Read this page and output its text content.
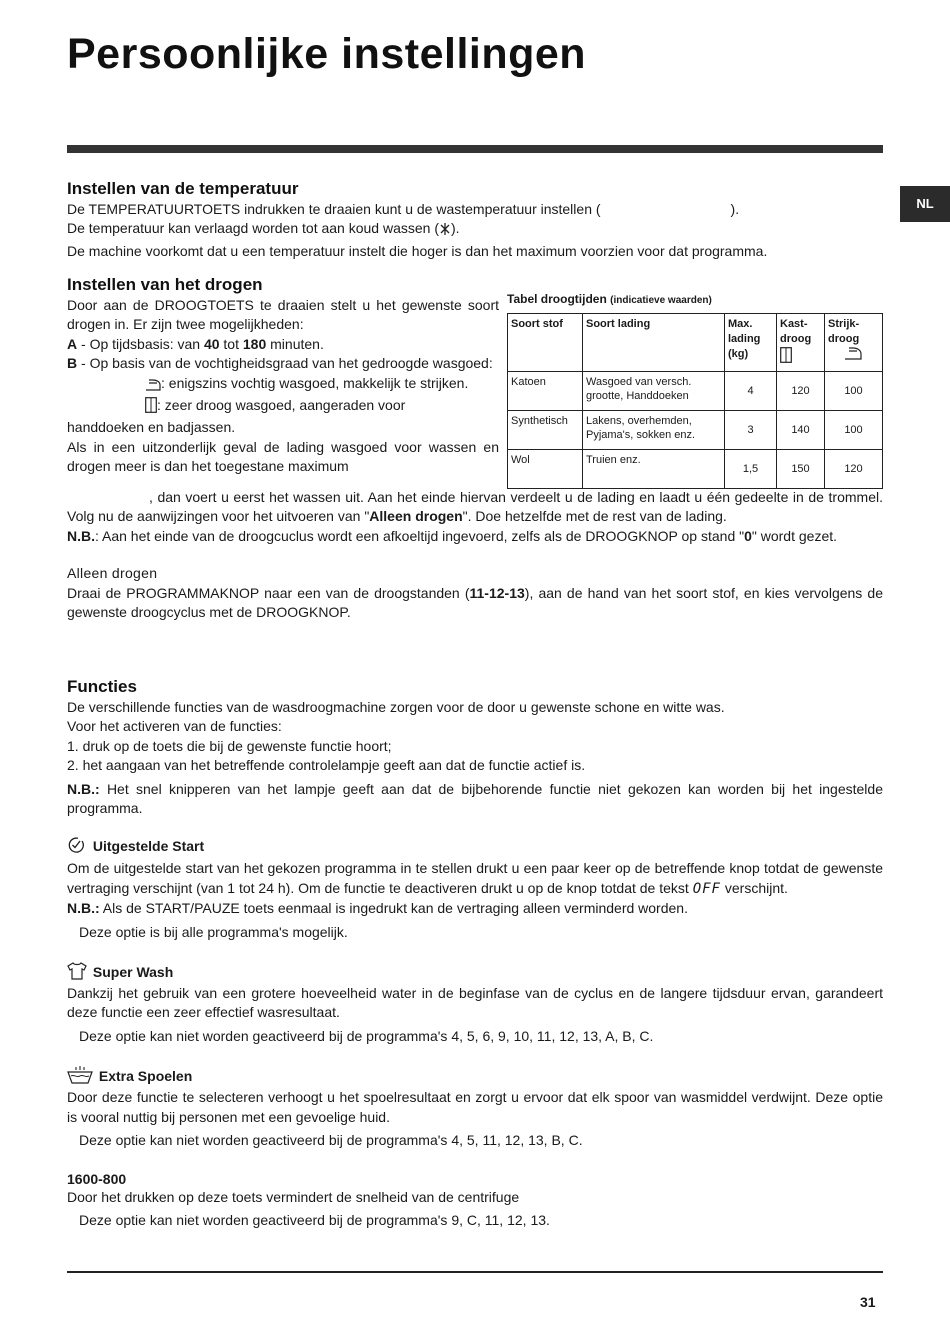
Persoonlijke instellingen
NL
Instellen van de temperatuur

De TEMPERATUURTOETS indrukken te draaien kunt u de wastemperatuur instellen (	).

De temperatuur kan verlaagd worden tot aan koud wassen ( ).

De machine voorkomt dat u een temperatuur instelt die hoger is dan het maximum voorzien voor dat programma.

Instellen van het drogen

Door aan de DROOGTOETS te draaien stelt u het gewenste soort drogen in. Er zijn twee mogelijkheden:

A - Op tijdsbasis: van 40 tot 180 minuten.

B - Op basis van de vochtigheidsgraad van het gedroogde wasgoed:

: enigszins vochtig wasgoed, makkelijk te strijken.

: zeer droog wasgoed, aangeraden voor

handdoeken en badjassen.

Als in een uitzonderlijk geval de lading wasgoed voor wassen en drogen meer is dan het toegestane maximum

, dan voert u eerst het wassen uit. Aan het einde hiervan verdeelt u de lading en laadt u één gedeelte in de trommel. Volg nu de aanwijzingen voor het uitvoeren van "Alleen drogen". Doe hetzelfde met de rest van de lading.

N.B.: Aan het einde van de droogcuclus wordt een afkoeltijd ingevoerd, zelfs als de DROOGKNOP op stand "0" wordt gezet.

Alleen drogen

Draai de PROGRAMMAKNOP naar een van de droogstanden (11-12-13), aan de hand van het soort stof, en kies vervolgens de gewenste droogcyclus met de DROOGKNOP.

Tabel droogtijden (indicatieve waarden)
Soort stof	Soort lading	Max. lading (kg)	Kast-droog	Strijk-droog

Katoen	Wasgoed van versch. grootte, Handdoeken	4	120	100
Synthetisch	Lakens, overhemden, Pyjama's, sokken enz.	3	140	100
Wol	Truien enz.	1,5	150	120
Functies

De verschillende functies van de wasdroogmachine zorgen voor de door u gewenste schone en witte was.

Voor het activeren van de functies:

1. druk op de toets die bij de gewenste functie hoort;

2. het aangaan van het betreffende controlelampje geeft aan dat de functie actief is.

N.B.: Het snel knipperen van het lampje geeft aan dat de bijbehorende functie niet gekozen kan worden bij het ingestelde programma.

Uitgestelde Start

Om de uitgestelde start van het gekozen programma in te stellen drukt u een paar keer op de betreffende knop totdat de gewenste vertraging verschijnt (van 1 tot 24 h). Om de functie te deactiveren drukt u op de knop totdat de tekst OFF verschijnt.

N.B.: Als de START/PAUZE toets eenmaal is ingedrukt kan de vertraging alleen verminderd worden.

Deze optie is bij alle programma's mogelijk.

Super Wash

Dankzij het gebruik van een grotere hoeveelheid water in de beginfase van de cyclus en de langere tijdsduur ervan, garandeert deze functie een zeer effectief wasresultaat.

Deze optie kan niet worden geactiveerd bij de programma's 4, 5, 6, 9, 10, 11, 12, 13, A, B, C.

Extra Spoelen

Door deze functie te selecteren verhoogt u het spoelresultaat en zorgt u ervoor dat elk spoor van wasmiddel verdwijnt. Deze optie is vooral nuttig bij personen met een gevoelige huid.

Deze optie kan niet worden geactiveerd bij de programma's 4, 5, 11, 12, 13, B, C.

1600-800

Door het drukken op deze toets vermindert de snelheid van de centrifuge

Deze optie kan niet worden geactiveerd bij de programma's 9, C, 11, 12, 13.

31
